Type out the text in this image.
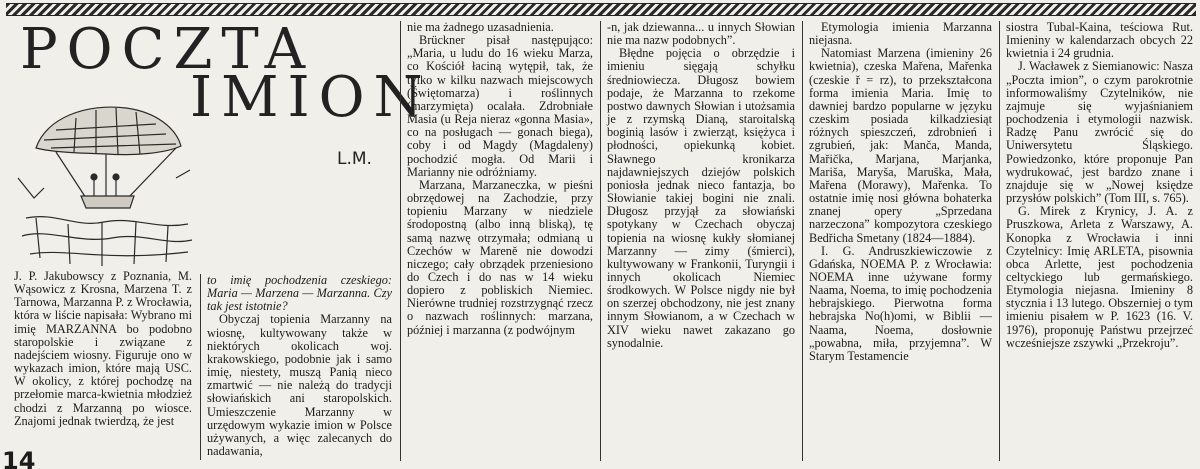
POCZTA
IMION
L.M.

J. P. Jakubowscy z Poznania, M. Wąsowicz z Krosna, Marzena T. z Tarnowa, Marzanna P. z Wrocławia, która w liście napisała: Wybrano mi imię MARZANNA bo podobno staropolskie i związane z nadejściem wiosny. Figuruje ono w wykazach imion, które mają USC. W okolicy, z której pochodzę na przełomie marca-kwietnia młodzież chodzi z Marzanną po wiosce. Znajomi jednak twierdzą, że jest

to imię pochodzenia czeskiego: Maria — Marzena — Marzanna. Czy tak jest istotnie?

Obyczaj topienia Marzanny na wiosnę, kultywowany także w niektórych okolicach woj. krakowskiego, podobnie jak i samo imię, niestety, muszą Panią nieco zmartwić — nie należą do tradycji słowiańskich ani staropolskich. Umieszczenie Marzanny w urzędowym wykazie imion w Polsce używanych, a więc zalecanych do nadawania,

nie ma żadnego uzasadnienia.

Brückner pisał następująco: „Maria, u ludu do 16 wieku Marza, co Kościół łaciną wytępił, tak, że tylko w kilku nazwach miejscowych (Świętomarza) i roślinnych (marzymięta) ocalała. Zdrobniałe Masia (u Reja nieraz «gonna Masia», co na posługach — gonach biega), coby i od Magdy (Magdaleny) pochodzić mogła. Od Marii i Marianny nie odróżniamy.

Marzana, Marzaneczka, w pieśni obrzędowej na Zachodzie, przy topieniu Marzany w niedziele środopostną (albo inną bliską), tę samą nazwę otrzymała; odmianą u Czechów w Mareně nie dowodzi niczego; cały obrządek przeniesiono do Czech i do nas w 14 wieku dopiero z pobliskich Niemiec. Nierówne trudniej rozstrzygnąć rzecz o nazwach roślinnych: marzana, później i marzanna (z podwójnym

-n, jak dziewanna... u innych Słowian nie ma nazw podobnych”.

Błędne pojęcia o obrzędzie i imieniu sięgają schyłku średniowiecza. Długosz bowiem podaje, że Marzanna to rzekome postwo dawnych Słowian i utożsamia je z rzymską Dianą, staroitalską boginią lasów i zwierząt, księżyca i płodności, opiekunką kobiet. Sławnego kronikarza najdawniejszych dziejów polskich poniosła jednak nieco fantazja, bo Słowianie takiej bogini nie znali. Długosz przyjął za słowiański spotykany w Czechach obyczaj topienia na wiosnę kukły słomianej Marzanny — zimy (śmierci), kultywowany w Frankonii, Turyngii i innych okolicach Niemiec środkowych. W Polsce nigdy nie był on szerzej obchodzony, nie jest znany innym Słowianom, a w Czechach w XIV wieku nawet zakazano go synodalnie.

Etymologia imienia Marzanna niejasna.

Natomiast Marzena (imieniny 26 kwietnia), czeska Mařena, Mařenka (czeskie ř = rz), to przekształcona forma imienia Maria. Imię to dawniej bardzo popularne w języku czeskim posiada kilkadziesiąt różnych spieszczeń, zdrobnień i zgrubień, jak: Manča, Manda, Mařička, Marjana, Marjanka, Mariša, Maryša, Maruška, Mała, Mařena (Morawy), Mařenka. To ostatnie imię nosi główna bohaterka znanej opery „Sprzedana narzeczona” kompozytora czeskiego Bedřicha Smetany (1824—1884).

I. G. Andruszkiewiczowie z Gdańska, NOEMA P. z Wrocławia: NOEMA inne używane formy Naama, Noema, to imię pochodzenia hebrajskiego. Pierwotna forma hebrajska No(h)omi, w Biblii — Naama, Noema, dosłownie „powabna, miła, przyjemna”. W Starym Testamencie

siostra Tubal-Kaina, teściowa Rut. Imieniny w kalendarzach obcych 22 kwietnia i 24 grudnia.

J. Wacławek z Siemianowic: Nasza „Poczta imion”, o czym parokrotnie informowaliśmy Czytelników, nie zajmuje się wyjaśnianiem pochodzenia i etymologii nazwisk. Radzę Panu zwrócić się do Uniwersytetu Śląskiego. Powiedzonko, które proponuje Pan wydrukować, jest bardzo znane i znajduje się w „Nowej księdze przysłów polskich” (Tom III, s. 765).

G. Mirek z Krynicy, J. A. z Pruszkowa, Arleta z Warszawy, A. Konopka z Wrocławia i inni Czytelnicy: Imię ARLETA, pisownia obca Arlette, jest pochodzenia celtyckiego lub germańskiego. Etymologia niejasna. Imieniny 8 stycznia i 13 lutego. Obszerniej o tym imieniu pisałem w P. 1623 (16. V. 1976), proponuję Państwu przejrzeć wcześniejsze zszywki „Przekroju”.

14
